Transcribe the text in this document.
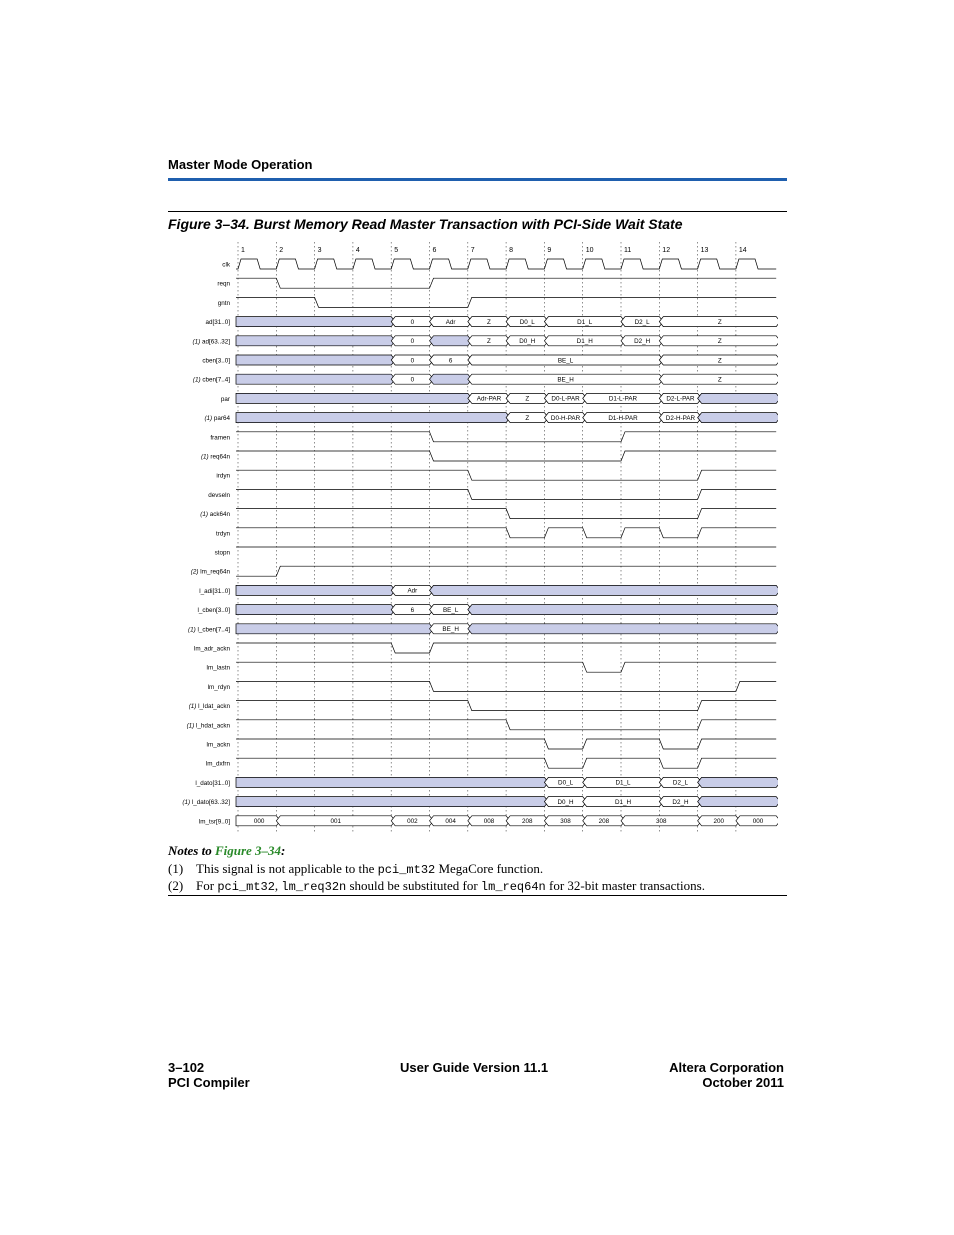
Master Mode Operation
Figure 3–34. Burst Memory Read Master Transaction with PCI-Side Wait State
1	2	3	4	5	6	7	8	9	10	11	12	13	14
clk
reqn
gntn
ad[31..0]	0	Adr	Z	D0_L	D1_L	D2_L	Z
(1) ad[63..32]	0	Z	D0_H	D1_H	D2_H	Z
cben[3..0]	0	6	BE_L	Z
(1) cben[7..4]	0	BE_H	Z
par	Adr-PAR	Z	D0-L-PAR	D1-L-PAR	D2-L-PAR
(1) par64	Z	D0-H-PAR	D1-H-PAR	D2-H-PAR
framen
(1) req64n
irdyn
devseln
(1) ack64n
trdyn
stopn
(2) lm_req64n
l_adi[31..0]	Adr
l_cben[3..0]	6	BE_L
(1) l_cben[7..4]	BE_H
lm_adr_ackn
lm_lastn
lm_rdyn
(1) l_ldat_ackn
(1) l_hdat_ackn
lm_ackn
lm_dxfrn
l_dato[31..0]	D0_L	D1_L	D2_L
(1) l_dato[63..32]	D0_H	D1_H	D2_H
lm_tsr[9..0]	000	001	002	004	008	208	308	208	308	200	000
Notes to Figure 3–34:
(1) This signal is not applicable to the pci_mt32 MegaCore function.
(2) For pci_mt32, lm_req32n should be substituted for lm_req64n for 32-bit master transactions.
3–102
PCI Compiler
User Guide Version 11.1	Altera Corporation
October 2011
